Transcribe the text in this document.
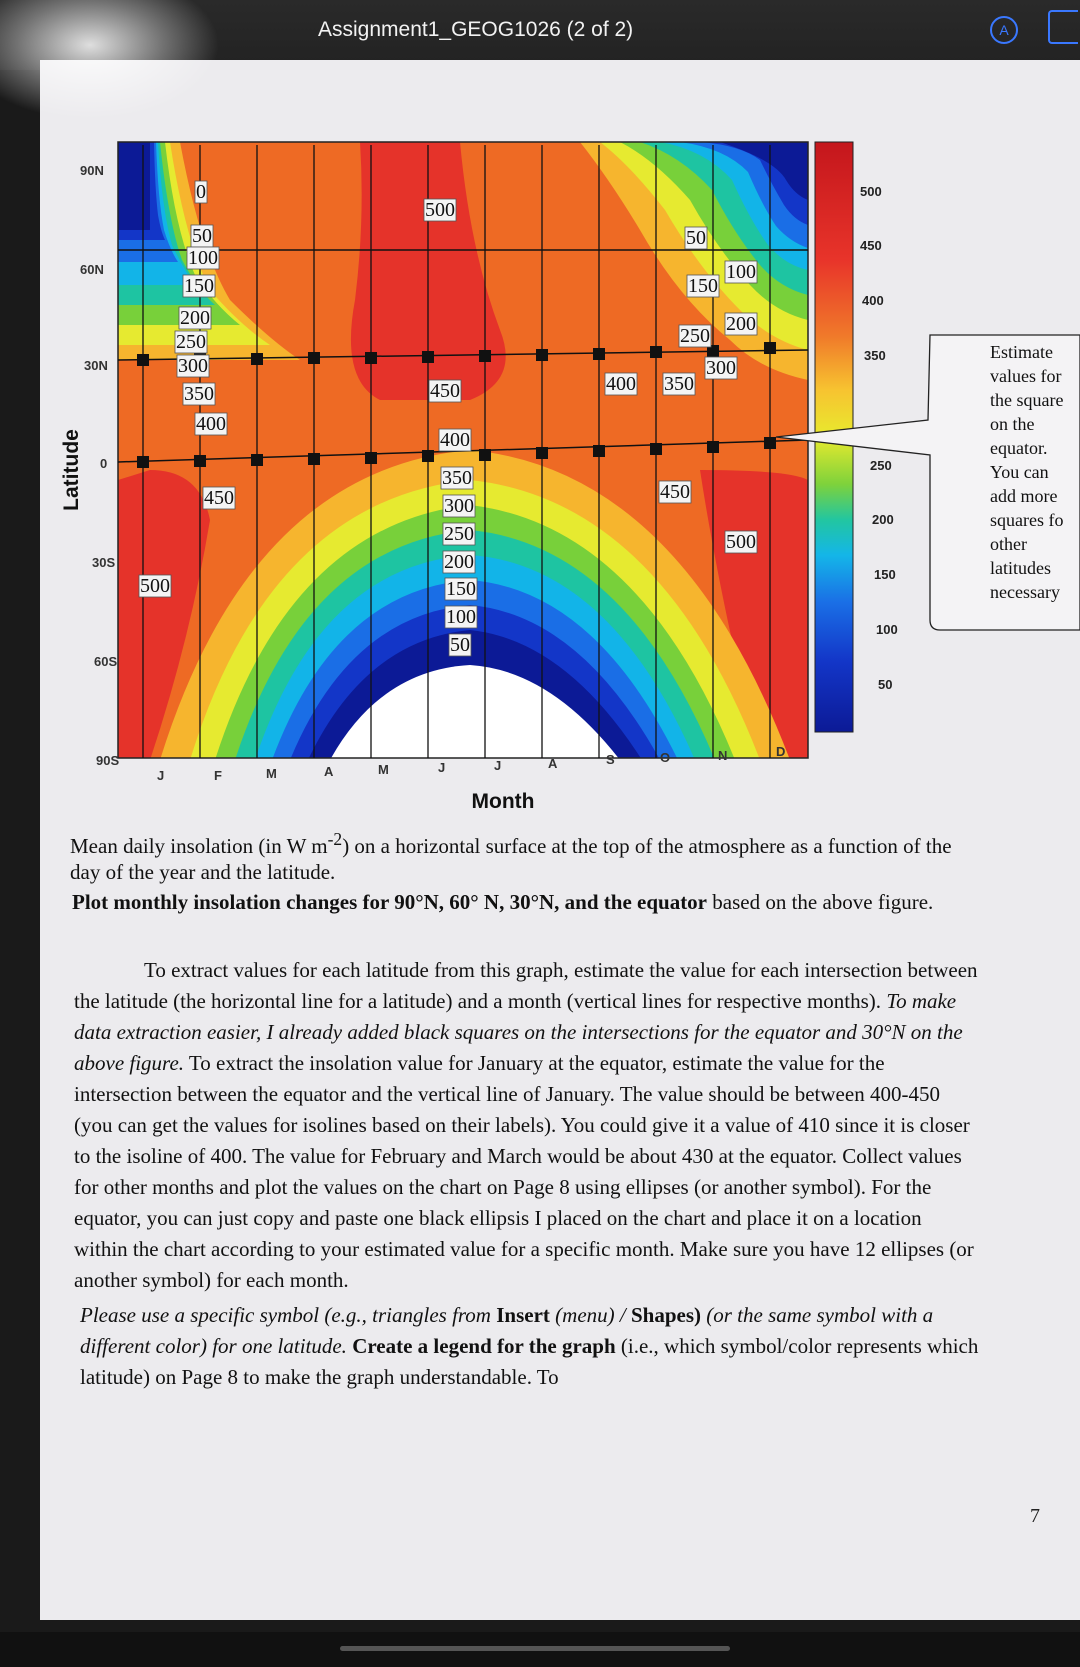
Assignment1_GEOG1026 (2 of 2)	A
0
50
100
150
200
250
300
350
400
500
450
400
350
300
250
200
150
100
50
450
500
400 350
50
150
100
250
200
300
450
500
90N
60N
30N
0
30S
60S
90S
Latitude
J	F	M	A	M	J	J	A	S	O	N	D
Month
500
450
400
350
250
200
150
100
50
Estimate
values for
the square
on the
equator.
You can
add more
squares fo
other
latitudes
necessary
Mean daily insolation (in W $m^{-2}$) on a horizontal surface at the top of the atmosphere as a function of the day of the year and the latitude.
Plot monthly insolation changes for 90°N, 60° N, 30°N, and the equator based on the above figure.
To extract values for each latitude from this graph, estimate the value for each intersection between the latitude (the horizontal line for a latitude) and a month (vertical lines for respective months). To make data extraction easier, I already added black squares on the intersections for the equator and 30°N on the above figure. To extract the insolation value for January at the equator, estimate the value for the intersection between the equator and the vertical line of January. The value should be between 400-450 (you can get the values for isolines based on their labels). You could give it a value of 410 since it is closer to the isoline of 400. The value for February and March would be about 430 at the equator. Collect values for other months and plot the values on the chart on Page 8 using ellipses (or another symbol). For the equator, you can just copy and paste one black ellipsis I placed on the chart and place it on a location within the chart according to your estimated value for a specific month. Make sure you have 12 ellipses (or another symbol) for each month.
Please use a specific symbol (e.g., triangles from Insert (menu) / Shapes) (or the same symbol with a different color) for one latitude. Create a legend for the graph (i.e., which symbol/color represents which latitude) on Page 8 to make the graph understandable. To
7
